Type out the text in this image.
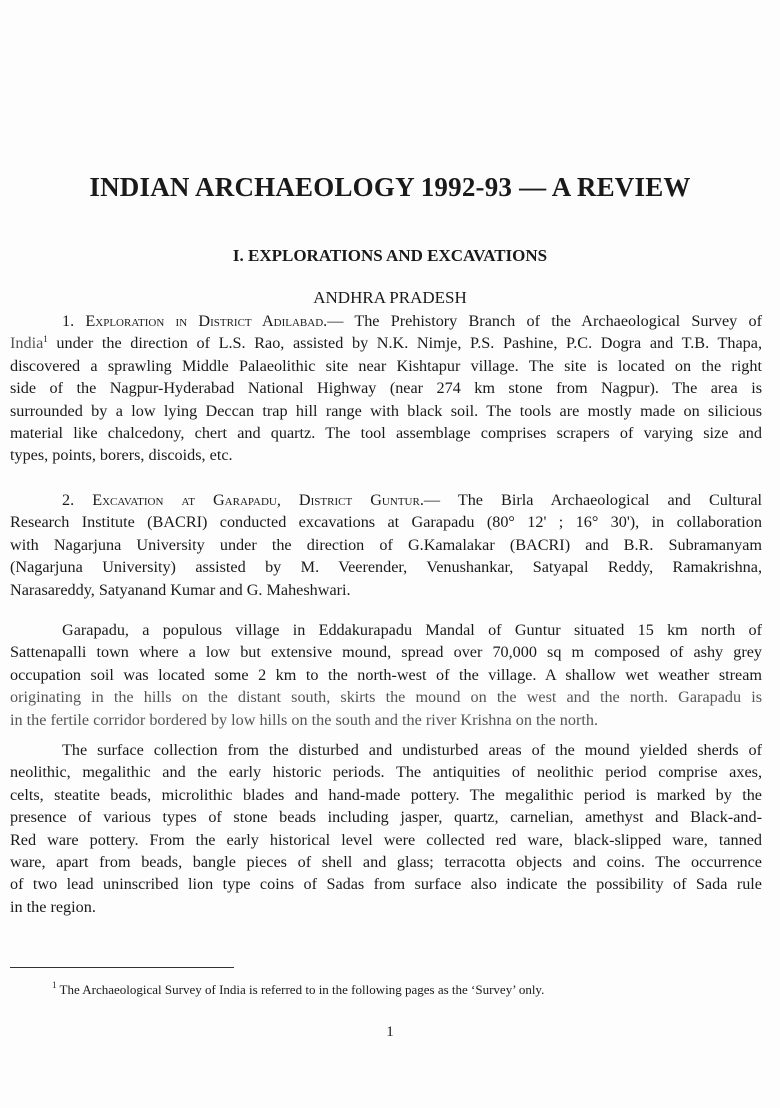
INDIAN ARCHAEOLOGY 1992-93 — A REVIEW
I. EXPLORATIONS AND EXCAVATIONS
ANDHRA PRADESH
1. Exploration in District Adilabad.— The Prehistory Branch of the Archaeological Survey of
India$^1$ under the direction of L.S. Rao, assisted by N.K. Nimje, P.S. Pashine, P.C. Dogra and T.B. Thapa,
discovered a sprawling Middle Palaeolithic site near Kishtapur village. The site is located on the right
side of the Nagpur-Hyderabad National Highway (near 274 km stone from Nagpur). The area is
surrounded by a low lying Deccan trap hill range with black soil. The tools are mostly made on silicious
material like chalcedony, chert and quartz. The tool assemblage comprises scrapers of varying size and
types, points, borers, discoids, etc.
2. Excavation at Garapadu, District Guntur.— The Birla Archaeological and Cultural
Research Institute (BACRI) conducted excavations at Garapadu (80° 12' ; 16° 30'), in collaboration
with Nagarjuna University under the direction of G.Kamalakar (BACRI) and B.R. Subramanyam
(Nagarjuna University) assisted by M. Veerender, Venushankar, Satyapal Reddy, Ramakrishna,
Narasareddy, Satyanand Kumar and G. Maheshwari.
Garapadu, a populous village in Eddakurapadu Mandal of Guntur situated 15 km north of
Sattenapalli town where a low but extensive mound, spread over 70,000 sq m composed of ashy grey
occupation soil was located some 2 km to the north-west of the village. A shallow wet weather stream
originating in the hills on the distant south, skirts the mound on the west and the north. Garapadu is
in the fertile corridor bordered by low hills on the south and the river Krishna on the north.
The surface collection from the disturbed and undisturbed areas of the mound yielded sherds of
neolithic, megalithic and the early historic periods. The antiquities of neolithic period comprise axes,
celts, steatite beads, microlithic blades and hand-made pottery. The megalithic period is marked by the
presence of various types of stone beads including jasper, quartz, carnelian, amethyst and Black-and-
Red ware pottery. From the early historical level were collected red ware, black-slipped ware, tanned
ware, apart from beads, bangle pieces of shell and glass; terracotta objects and coins. The occurrence
of two lead uninscribed lion type coins of Sadas from surface also indicate the possibility of Sada rule
in the region.
$^1$ The Archaeological Survey of India is referred to in the following pages as the ‘Survey’ only.
1
